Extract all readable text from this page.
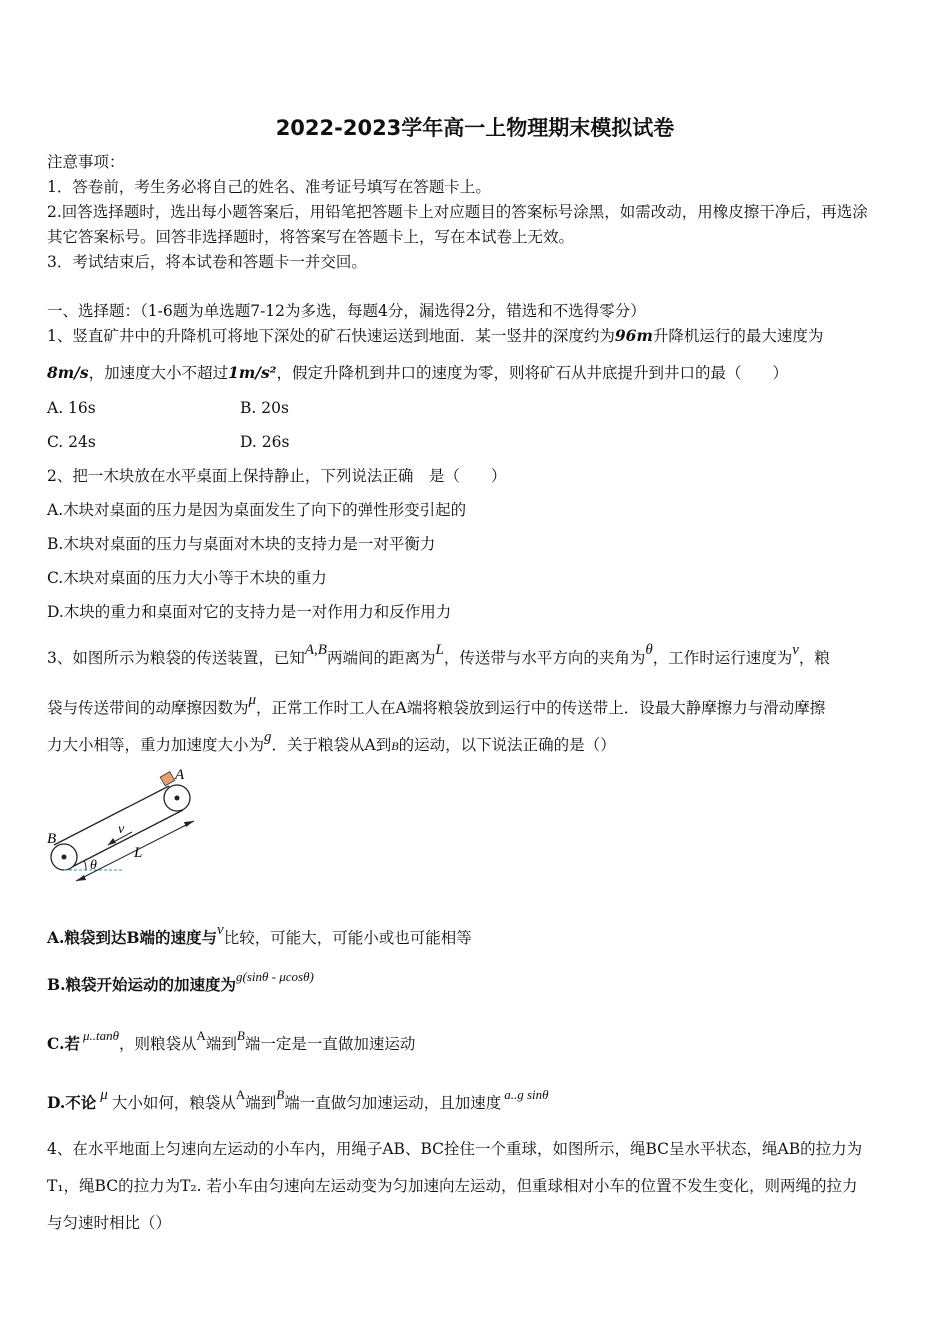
2022-2023学年高一上物理期末模拟试卷
注意事项：
1．答卷前，考生务必将自己的姓名、准考证号填写在答题卡上。
2.回答选择题时，选出每小题答案后，用铅笔把答题卡上对应题目的答案标号涂黑，如需改动，用橡皮擦干净后，再选涂
其它答案标号。回答非选择题时，将答案写在答题卡上，写在本试卷上无效。
3．考试结束后，将本试卷和答题卡一并交回。
一、选择题：（1-6题为单选题7-12为多选，每题4分，漏选得2分，错选和不选得零分）
1、竖直矿井中的升降机可将地下深处的矿石快速运送到地面．某一竖井的深度约为96m升降机运行的最大速度为
8m/s，加速度大小不超过1m/s²，假定升降机到井口的速度为零，则将矿石从井底提升到井口的最（　　）
A. 16s	B. 20s
C. 24s	D. 26s
2、把一木块放在水平桌面上保持静止，下列说法正确　是（　　）
A.木块对桌面的压力是因为桌面发生了向下的弹性形变引起的
B.木块对桌面的压力与桌面对木块的支持力是一对平衡力
C.木块对桌面的压力大小等于木块的重力
D.木块的重力和桌面对它的支持力是一对作用力和反作用力
3、如图所示为粮袋的传送装置，已知A,B两端间的距离为L，传送带与水平方向的夹角为θ，工作时运行速度为v，粮
袋与传送带间的动摩擦因数为μ，正常工作时工人在A端将粮袋放到运行中的传送带上．设最大静摩擦力与滑动摩擦
力大小相等，重力加速度大小为g．关于粮袋从A到B的运动，以下说法正确的是（）
A
B
v
L
θ
A.粮袋到达B端的速度与v比较，可能大，可能小或也可能相等
B.粮袋开始运动的加速度为$^{g(sin\theta - \mu cos\theta)}$
C.若 $^{\mu..tan\theta}$，则粮袋从$^A$端到$^B$端一定是一直做加速运动
D.不论 μ 大小如何，粮袋从$^A$端到$^B$端一直做匀加速运动，且加速度 $^{a..g sin\theta}$
4、在水平地面上匀速向左运动的小车内，用绳子AB、BC拴住一个重球，如图所示，绳BC呈水平状态，绳AB的拉力为
T₁，绳BC的拉力为T₂. 若小车由匀速向左运动变为匀加速向左运动，但重球相对小车的位置不发生变化，则两绳的拉力
与匀速时相比（）
